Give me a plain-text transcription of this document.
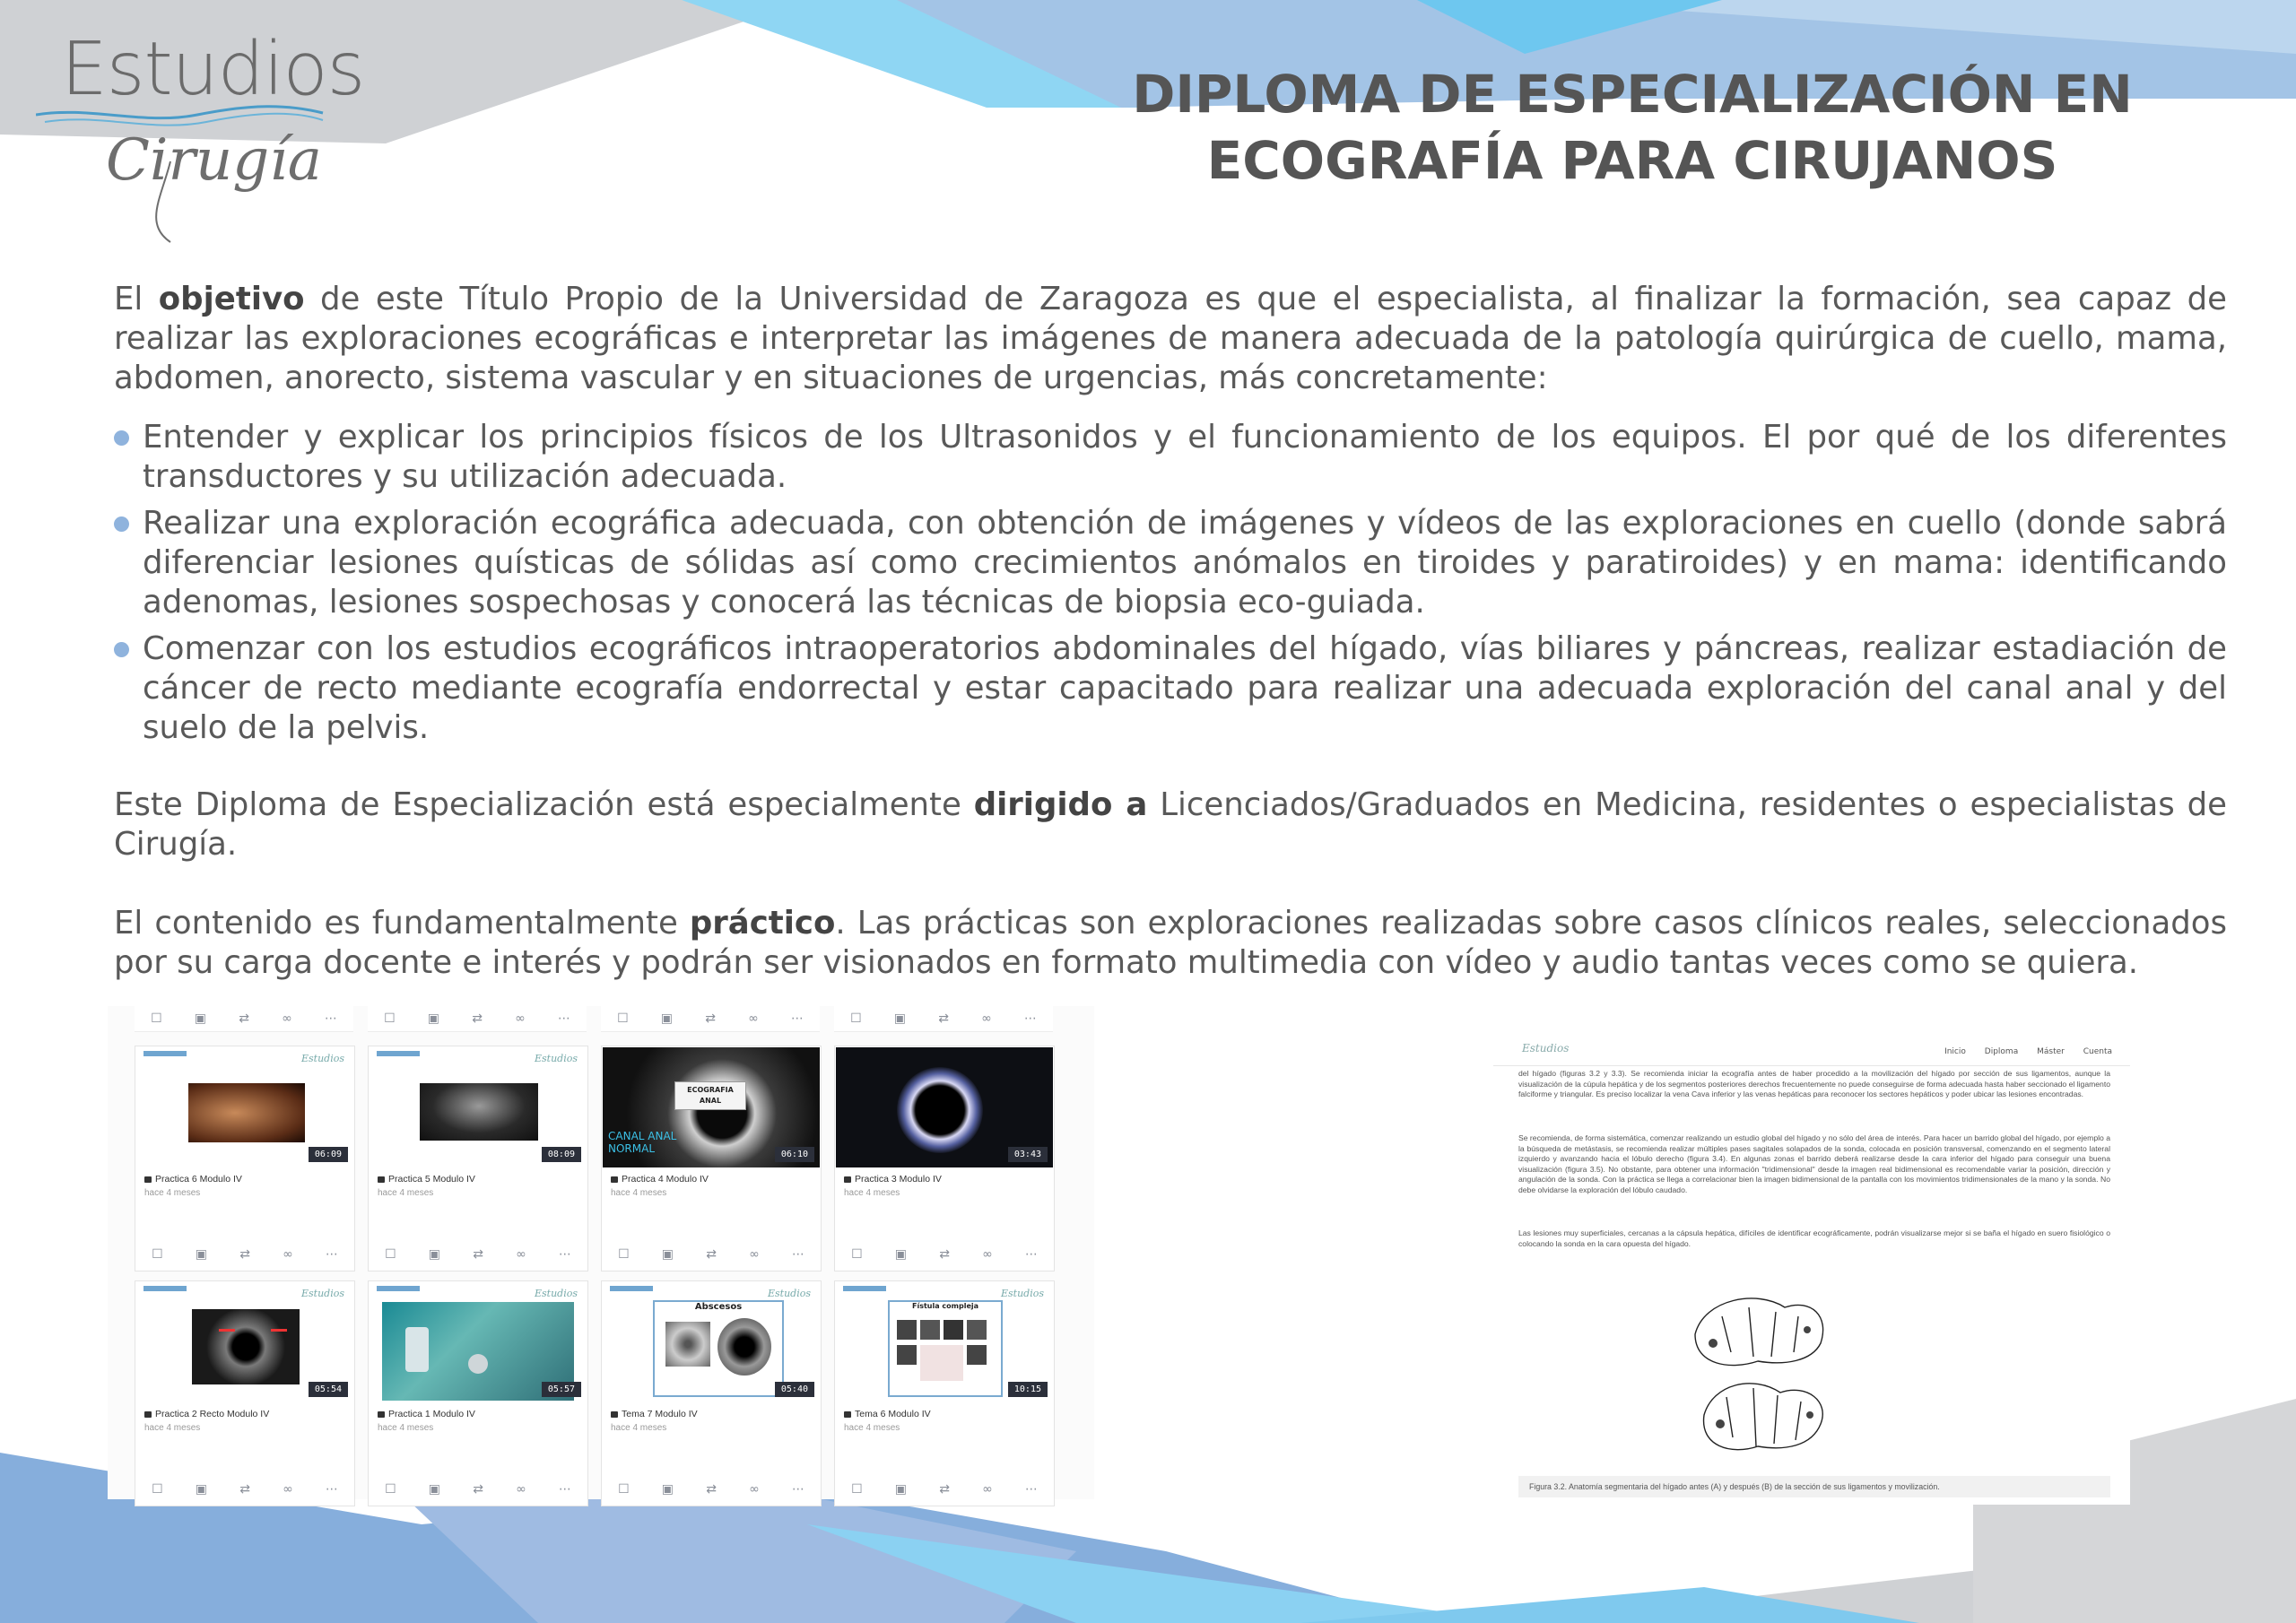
Estudios
Cirugía
DIPLOMA DE ESPECIALIZACIÓN EN
ECOGRAFÍA PARA CIRUJANOS
El objetivo de este Título Propio de la Universidad de Zaragoza es que el especialista, al finalizar la formación, sea capaz de realizar las exploraciones ecográficas e interpretar las imágenes de manera adecuada de la patología quirúrgica de cuello, mama, abdomen, anorecto, sistema vascular y en situaciones de urgencias, más concretamente:
Entender y explicar los principios físicos de los Ultrasonidos y el funcionamiento de los equipos. El por qué de los diferentes transductores y su utilización adecuada.
Realizar una exploración ecográfica adecuada, con obtención de imágenes y vídeos de las exploraciones en cuello (donde sabrá diferenciar lesiones quísticas de sólidas así como crecimientos anómalos en tiroides y paratiroides) y en mama: identificando adenomas, lesiones sospechosas y conocerá las técnicas de biopsia eco-guiada.
Comenzar con los estudios ecográficos intraoperatorios abdominales del hígado, vías biliares y páncreas, realizar estadiación de cáncer de recto mediante ecografía endorrectal y estar capacitado para realizar una adecuada exploración del canal anal y del suelo de la pelvis.
Este Diploma de Especialización está especialmente dirigido a Licenciados/Graduados en Medicina, residentes o especialistas de Cirugía.
El contenido es fundamentalmente práctico. Las prácticas son exploraciones realizadas sobre casos clínicos reales, seleccionados por su carga docente e interés y podrán ser visionados en formato multimedia con vídeo y audio tantas veces como se quiera.
☐	▣	⇄	∞	⋯	☐	▣	⇄	∞	⋯	☐	▣	⇄	∞	⋯	☐	▣	⇄	∞	⋯
Estudios
06:09
Practica 6 Modulo IV
hace 4 meses
☐	▣	⇄	∞	⋯
Estudios
08:09
Practica 5 Modulo IV
hace 4 meses
☐	▣	⇄	∞	⋯
ECOGRAFIA ANAL
CANAL ANAL NORMAL	06:10
Practica 4 Modulo IV
hace 4 meses
☐	▣	⇄	∞	⋯
03:43
Practica 3 Modulo IV
hace 4 meses
☐	▣	⇄	∞	⋯
Estudios
05:54
Practica 2 Recto Modulo IV
hace 4 meses
☐	▣	⇄	∞	⋯
Estudios
05:57
Practica 1 Modulo IV
hace 4 meses
☐	▣	⇄	∞	⋯
Estudios
Abscesos
05:40
Tema 7 Modulo IV
hace 4 meses
☐	▣	⇄	∞	⋯
Estudios
Fístula compleja
10:15
Tema 6 Modulo IV
hace 4 meses
☐	▣	⇄	∞	⋯
Estudios	Inicio Diploma Máster Cuenta
del hígado (figuras 3.2 y 3.3). Se recomienda iniciar la ecografía antes de haber procedido a la movilización del hígado por sección de sus ligamentos, aunque la visualización de la cúpula hepática y de los segmentos posteriores derechos frecuentemente no puede conseguirse de forma adecuada hasta haber seccionado el ligamento falciforme y triangular. Es preciso localizar la vena Cava inferior y las venas hepáticas para reconocer los sectores hepáticos y poder ubicar las lesiones encontradas.
Se recomienda, de forma sistemática, comenzar realizando un estudio global del hígado y no sólo del área de interés. Para hacer un barrido global del hígado, por ejemplo a la búsqueda de metástasis, se recomienda realizar múltiples pases sagitales solapados de la sonda, colocada en posición transversal, comenzando en el segmento lateral izquierdo y avanzando hacia el lóbulo derecho (figura 3.4). En algunas zonas el barrido deberá realizarse desde la cara inferior del hígado para conseguir una buena visualización (figura 3.5). No obstante, para obtener una información "tridimensional" desde la imagen real bidimensional es recomendable variar la posición, dirección y angulación de la sonda. Con la práctica se llega a correlacionar bien la imagen bidimensional de la pantalla con los movimientos tridimensionales de la mano y la sonda. No debe olvidarse la exploración del lóbulo caudado.
Las lesiones muy superficiales, cercanas a la cápsula hepática, difíciles de identificar ecográficamente, podrán visualizarse mejor si se baña el hígado en suero fisiológico o colocando la sonda en la cara opuesta del hígado.
Figura 3.2. Anatomía segmentaria del hígado antes (A) y después (B) de la sección de sus ligamentos y movilización.
